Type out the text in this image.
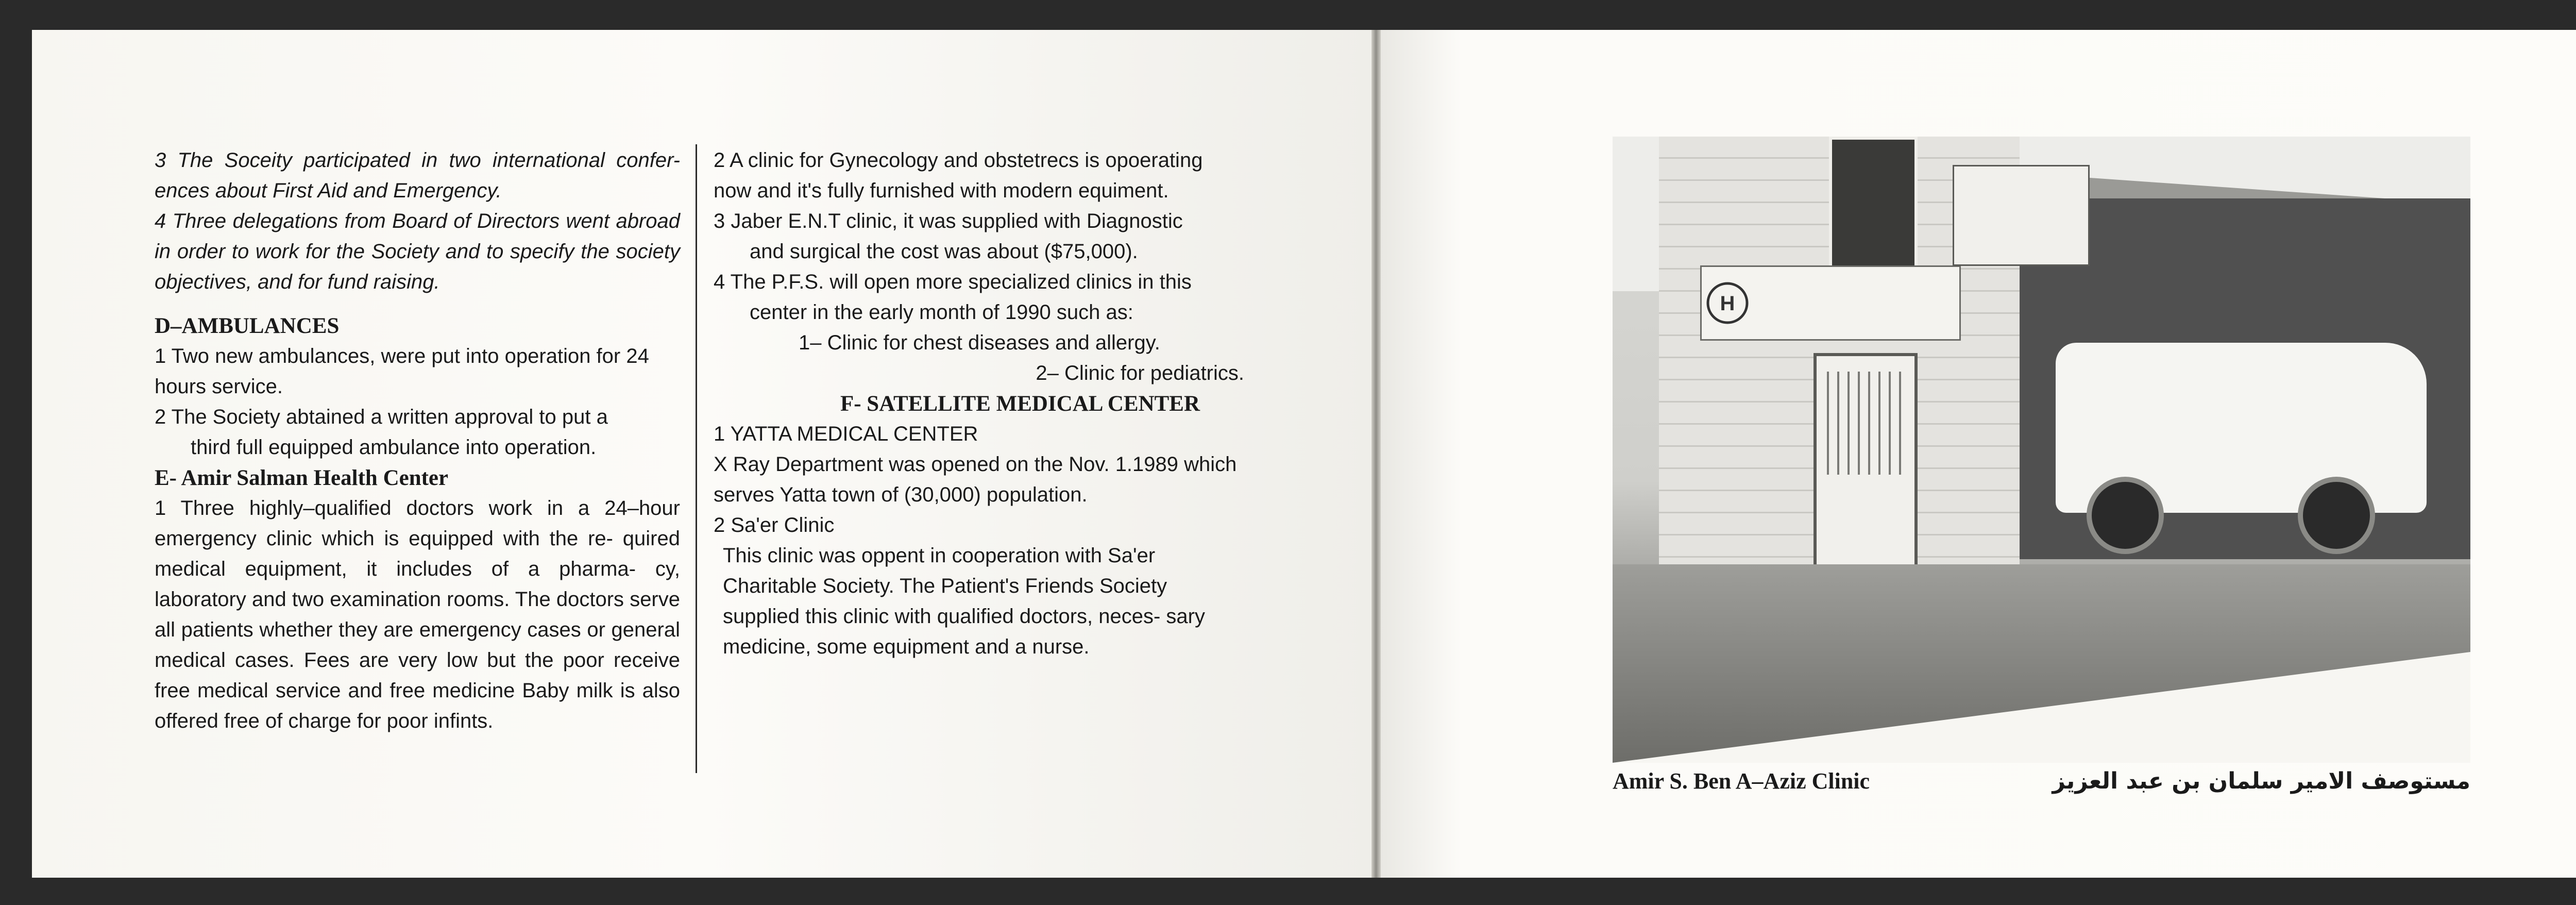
3 The Soceity participated in two international confer- ences about First Aid and Emergency.

4 Three delegations from Board of Directors went abroad in order to work for the Society and to specify the society objectives, and for fund raising.

D–AMBULANCES

1 Two new ambulances, were put into operation for 24 hours service.

2 The Society abtained a written approval to put a

third full equipped ambulance into operation.

E- Amir Salman Health Center

1 Three highly–qualified doctors work in a 24–hour emergency clinic which is equipped with the re- quired medical equipment, it includes of a pharma- cy, laboratory and two examination rooms. The doctors serve all patients whether they are emergency cases or general medical cases. Fees are very low but the poor receive free medical service and free medicine Baby milk is also offered free of charge for poor infints.

2 A clinic for Gynecology and obstetrecs is opoerating now and it's fully furnished with modern equiment.

3 Jaber E.N.T clinic, it was supplied with Diagnostic

and surgical the cost was about ($75,000).

4 The P.F.S. will open more specialized clinics in this

center in the early month of 1990 such as:

1– Clinic for chest diseases and allergy.

2– Clinic for pediatrics.

F- SATELLITE MEDICAL CENTER

1 YATTA MEDICAL CENTER

X Ray Department was opened on the Nov. 1.1989 which serves Yatta town of (30,000) population.

2 Sa'er Clinic

This clinic was oppent in cooperation with Sa'er Charitable Society. The Patient's Friends Society supplied this clinic with qualified doctors, neces- sary medicine, some equipment and a nurse.

H
Amir S. Ben A–Aziz Clinic	مستوصف الامير سلمان بن عبد العزيز
